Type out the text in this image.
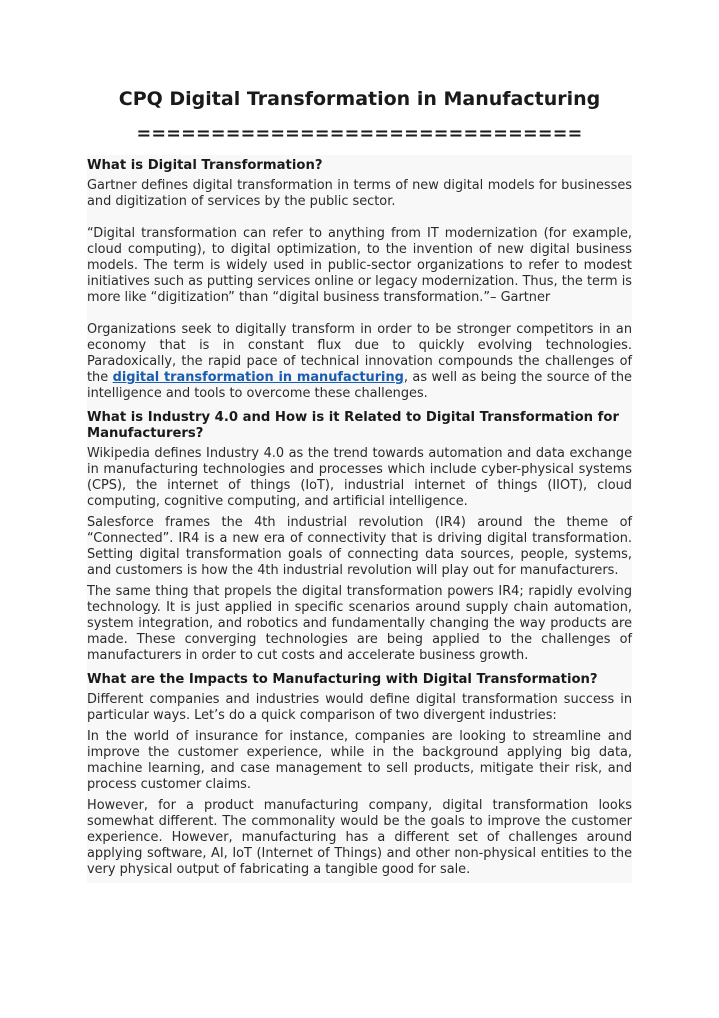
CPQ Digital Transformation in Manufacturing
==============================
What is Digital Transformation?

Gartner defines digital transformation in terms of new digital models for businesses and digitization of services by the public sector.

“Digital transformation can refer to anything from IT modernization (for example, cloud computing), to digital optimization, to the invention of new digital business models. The term is widely used in public-sector organizations to refer to modest initiatives such as putting services online or legacy modernization. Thus, the term is more like “digitization” than “digital business transformation.”– Gartner

Organizations seek to digitally transform in order to be stronger competitors in an economy that is in constant flux due to quickly evolving technologies. Paradoxically, the rapid pace of technical innovation compounds the challenges of the digital transformation in manufacturing, as well as being the source of the intelligence and tools to overcome these challenges.

What is Industry 4.0 and How is it Related to Digital Transformation for Manufacturers?

Wikipedia defines Industry 4.0 as the trend towards automation and data exchange in manufacturing technologies and processes which include cyber-physical systems (CPS), the internet of things (IoT), industrial internet of things (IIOT), cloud computing, cognitive computing, and artificial intelligence.

Salesforce frames the 4th industrial revolution (IR4) around the theme of “Connected”. IR4 is a new era of connectivity that is driving digital transformation. Setting digital transformation goals of connecting data sources, people, systems, and customers is how the 4th industrial revolution will play out for manufacturers.

The same thing that propels the digital transformation powers IR4; rapidly evolving technology. It is just applied in specific scenarios around supply chain automation, system integration, and robotics and fundamentally changing the way products are made. These converging technologies are being applied to the challenges of manufacturers in order to cut costs and accelerate business growth.

What are the Impacts to Manufacturing with Digital Transformation?

Different companies and industries would define digital transformation success in particular ways. Let’s do a quick comparison of two divergent industries:

In the world of insurance for instance, companies are looking to streamline and improve the customer experience, while in the background applying big data, machine learning, and case management to sell products, mitigate their risk, and process customer claims.

However, for a product manufacturing company, digital transformation looks somewhat different. The commonality would be the goals to improve the customer experience. However, manufacturing has a different set of challenges around applying software, AI, IoT (Internet of Things) and other non-physical entities to the very physical output of fabricating a tangible good for sale.
